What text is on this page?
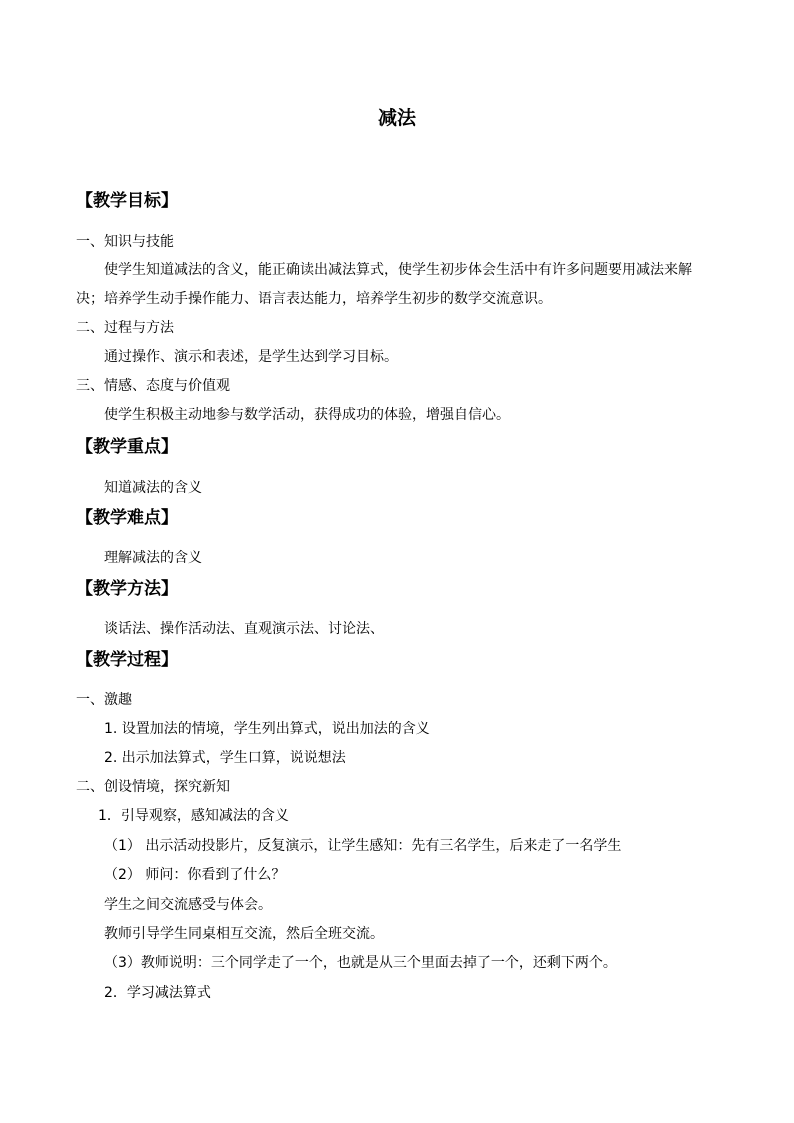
减法
【教学目标】
一、知识与技能
使学生知道减法的含义，能正确读出减法算式，使学生初步体会生活中有许多问题要用减法来解决；培养学生动手操作能力、语言表达能力，培养学生初步的数学交流意识。
二、过程与方法
通过操作、演示和表述，是学生达到学习目标。
三、情感、态度与价值观
使学生积极主动地参与数学活动，获得成功的体验，增强自信心。
【教学重点】
知道减法的含义
【教学难点】
理解减法的含义
【教学方法】
谈话法、操作活动法、直观演示法、讨论法、
【教学过程】
一、激趣
1. 设置加法的情境，学生列出算式，说出加法的含义
2. 出示加法算式，学生口算，说说想法
二、创设情境，探究新知
1．引导观察，感知减法的含义
（1） 出示活动投影片，反复演示，让学生感知：先有三名学生，后来走了一名学生
（2） 师问：你看到了什么？
学生之间交流感受与体会。
教师引导学生同桌相互交流，然后全班交流。
（3）教师说明：三个同学走了一个，也就是从三个里面去掉了一个，还剩下两个。
2．学习减法算式
